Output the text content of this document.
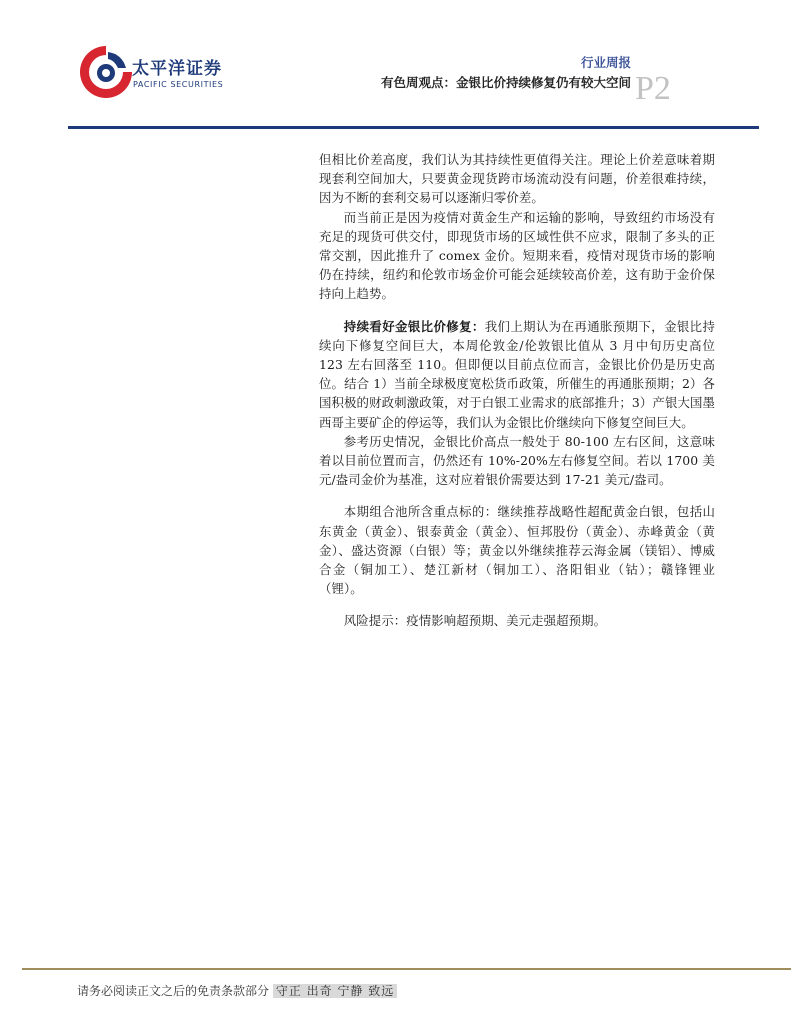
太平洋证券
PACIFIC SECURITIES
行业周报
有色周观点：金银比价持续修复仍有较大空间 P2

但相比价差高度，我们认为其持续性更值得关注。理论上价差意味着期现套利空间加大，只要黄金现货跨市场流动没有问题，价差很难持续，因为不断的套利交易可以逐渐归零价差。

而当前正是因为疫情对黄金生产和运输的影响，导致纽约市场没有充足的现货可供交付，即现货市场的区域性供不应求，限制了多头的正常交割，因此推升了 comex 金价。短期来看，疫情对现货市场的影响仍在持续，纽约和伦敦市场金价可能会延续较高价差，这有助于金价保持向上趋势。

持续看好金银比价修复：我们上期认为在再通胀预期下，金银比持续向下修复空间巨大，本周伦敦金/伦敦银比值从 3 月中旬历史高位 123 左右回落至 110。但即便以目前点位而言，金银比价仍是历史高位。结合 1）当前全球极度宽松货币政策，所催生的再通胀预期；2）各国积极的财政刺激政策，对于白银工业需求的底部推升；3）产银大国墨西哥主要矿企的停运等，我们认为金银比价继续向下修复空间巨大。

参考历史情况，金银比价高点一般处于 80-100 左右区间，这意味着以目前位置而言，仍然还有 10%-20%左右修复空间。若以 1700 美元/盎司金价为基准，这对应着银价需要达到 17-21 美元/盎司。

本期组合池所含重点标的：继续推荐战略性超配黄金白银，包括山东黄金（黄金）、银泰黄金（黄金）、恒邦股份（黄金）、赤峰黄金（黄金）、盛达资源（白银）等；黄金以外继续推荐云海金属（镁铝）、博威合金（铜加工）、楚江新材（铜加工）、洛阳钼业（钴）；赣锋锂业（锂）。

风险提示：疫情影响超预期、美元走强超预期。

请务必阅读正文之后的免责条款部分 守正 出奇 宁静 致远
